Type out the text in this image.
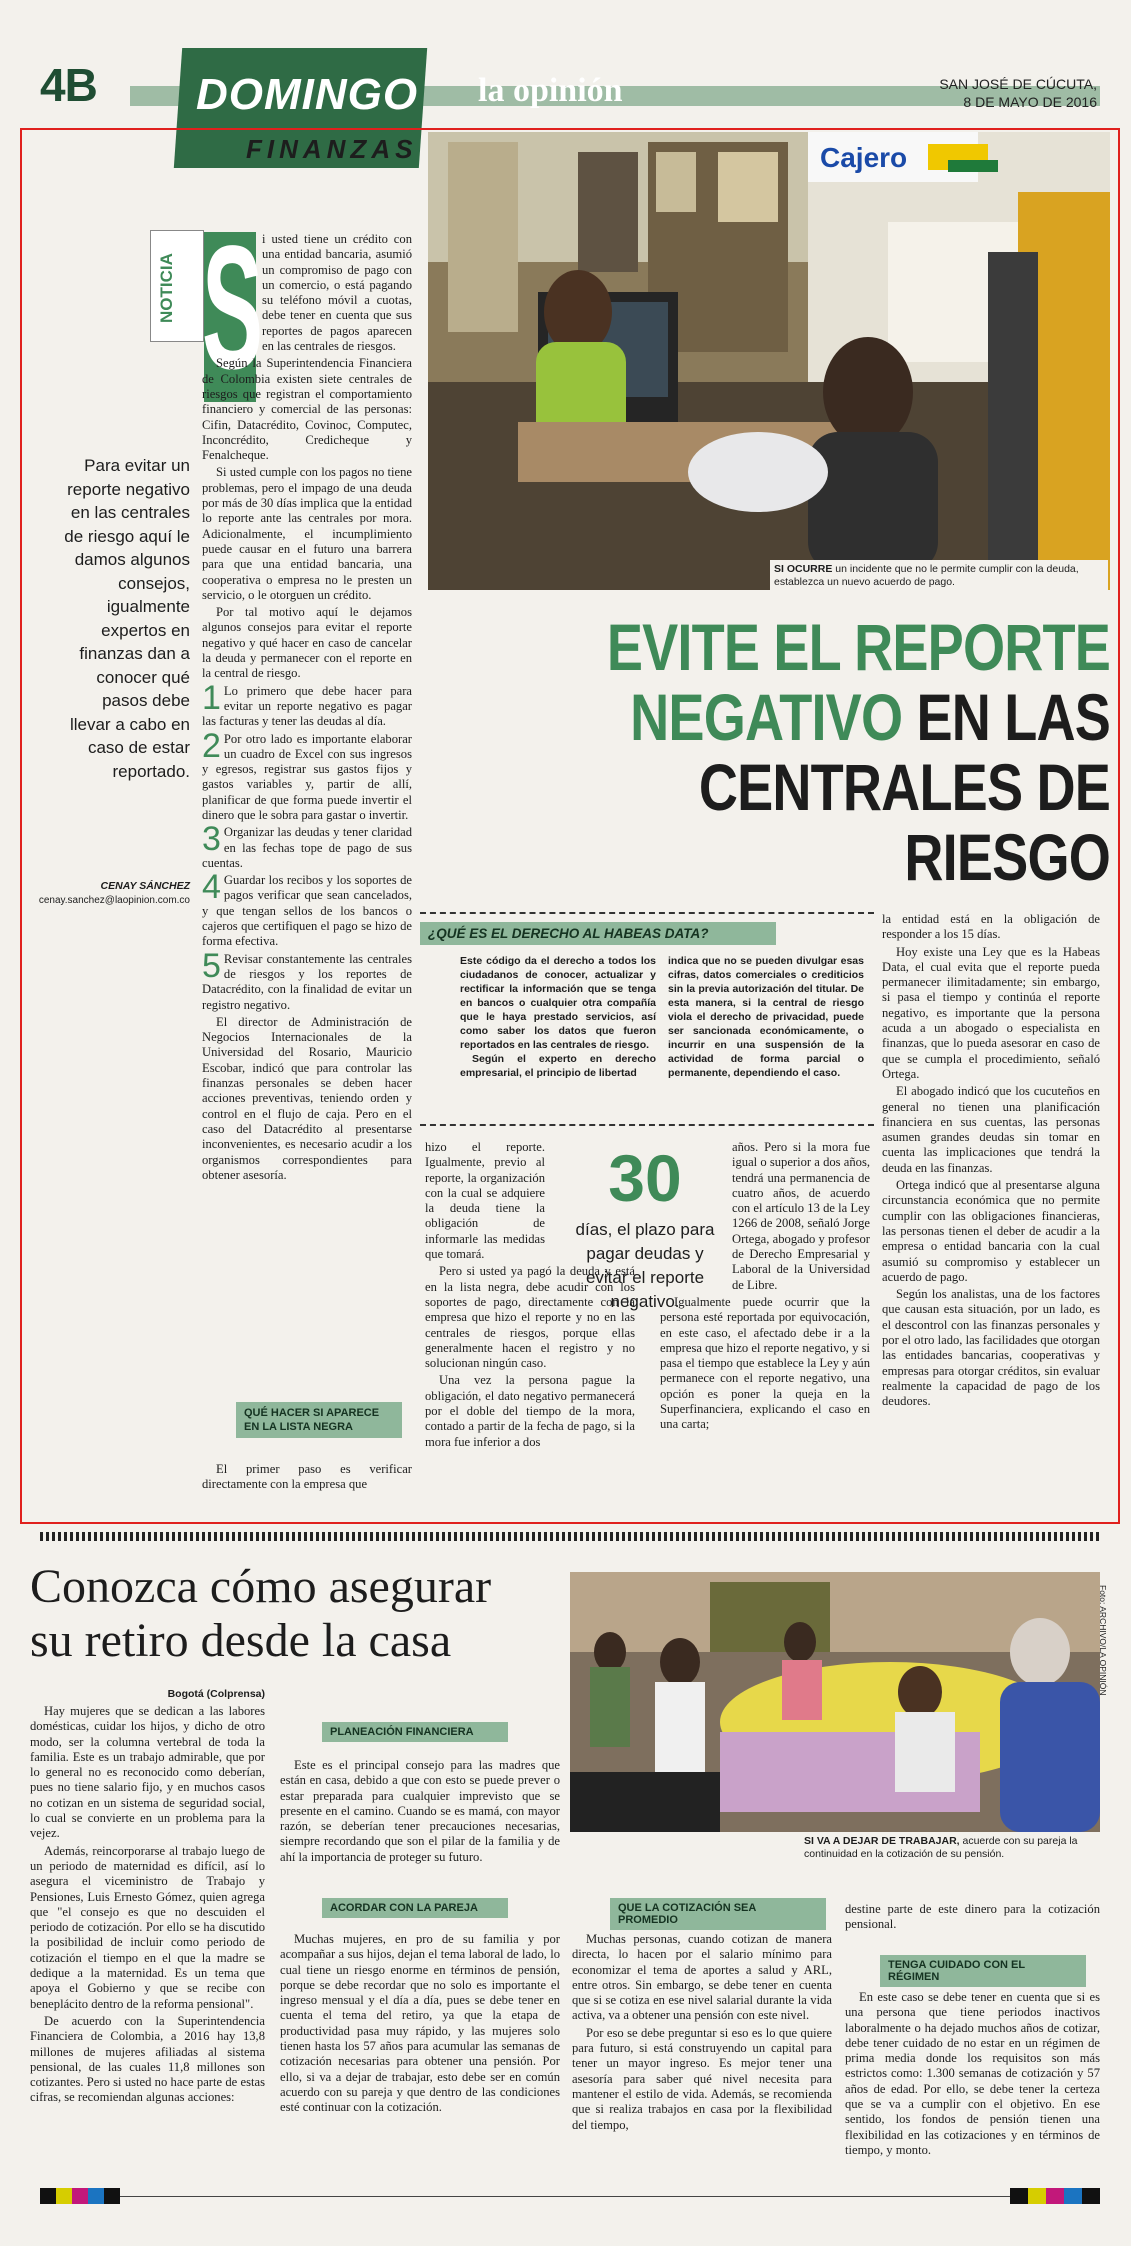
4B DOMINGO
FINANZAS
la opinión	SAN JOSÉ DE CÚCUTA,
8 DE MAYO DE 2016
NOTICIA S
Para evitar un reporte negativo en las centrales de riesgo aquí le damos algunos consejos, igualmente expertos en finanzas dan a conocer qué pasos debe llevar a cabo en caso de estar reportado.
CENAY SÁNCHEZ
cenay.sanchez@laopinion.com.co

i usted tiene un crédito con una entidad bancaria, asumió un compromiso de pago con un comercio, o está pagando su teléfono móvil a cuotas, debe tener en cuenta que sus reportes de pagos aparecen en las centrales de riesgos.

Según la Superintendencia Financiera de Colombia existen siete centrales de riesgos que registran el comportamiento financiero y comercial de las personas: Cifin, Datacrédito, Covinoc, Computec, Inconcrédito, Credicheque y Fenalcheque.

Si usted cumple con los pagos no tiene problemas, pero el impago de una deuda por más de 30 días implica que la entidad lo reporte ante las centrales por mora. Adicionalmente, el incumplimiento puede causar en el futuro una barrera para que una entidad bancaria, una cooperativa o empresa no le presten un servicio, o le otorguen un crédito.

Por tal motivo aquí le dejamos algunos consejos para evitar el reporte negativo y qué hacer en caso de cancelar la deuda y permanecer con el reporte en la central de riesgo.

1 Lo primero que debe hacer para evitar un reporte negativo es pagar las facturas y tener las deudas al día.

2 Por otro lado es importante elaborar un cuadro de Excel con sus ingresos y egresos, registrar sus gastos fijos y gastos variables y, partir de allí, planificar de que forma puede invertir el dinero que le sobra para gastar o invertir.

3 Organizar las deudas y tener claridad en las fechas tope de pago de sus cuentas.

4 Guardar los recibos y los soportes de pagos verificar que sean cancelados, y que tengan sellos de los bancos o cajeros que certifiquen el pago se hizo de forma efectiva.

5 Revisar constantemente las centrales de riesgos y los reportes de Datacrédito, con la finalidad de evitar un registro negativo.

El director de Administración de Negocios Internacionales de la Universidad del Rosario, Mauricio Escobar, indicó que para controlar las finanzas personales se deben hacer acciones preventivas, teniendo orden y control en el flujo de caja. Pero en el caso del Datacrédito al presentarse inconvenientes, es necesario acudir a los organismos correspondientes para obtener asesoría.

QUÉ HACER SI APARECE EN LA LISTA NEGRA

El primer paso es verificar directamente con la empresa que

Cajero
SI OCURRE un incidente que no le permite cumplir con la deuda, establezca un nuevo acuerdo de pago.
EVITE EL REPORTE
NEGATIVO EN LAS
CENTRALES DE RIESGO
¿QUÉ ES EL DERECHO AL HABEAS DATA?
Este código da el derecho a todos los ciudadanos de conocer, actualizar y rectificar la información que se tenga en bancos o cualquier otra compañía que le haya prestado servicios, así como saber los datos que fueron reportados en las centrales de riesgo.
Según el experto en derecho empresarial, el principio de libertad
indica que no se pueden divulgar esas cifras, datos comerciales o crediticios sin la previa autorización del titular. De esta manera, si la central de riesgo viola el derecho de privacidad, puede ser sancionada económicamente, o incurrir en una suspensión de la actividad de forma parcial o permanente, dependiendo el caso.

hizo el reporte. Igualmente, previo al reporte, la organización con la cual se adquiere la deuda tiene la obligación de informarle las medidas que tomará.

Pero si usted ya pagó la deuda y está en la lista negra, debe acudir con los soportes de pago, directamente con la empresa que hizo el reporte y no en las centrales de riesgos, porque ellas generalmente hacen el registro y no solucionan ningún caso.

Una vez la persona pague la obligación, el dato negativo permanecerá por el doble del tiempo de la mora, contado a partir de la fecha de pago, si la mora fue inferior a dos

30
días, el plazo para pagar deudas y evitar el reporte negativo.

años. Pero si la mora fue igual o superior a dos años, tendrá una permanencia de cuatro años, de acuerdo con el artículo 13 de la Ley 1266 de 2008, señaló Jorge Ortega, abogado y profesor de Derecho Empresarial y Laboral de la Universidad de Libre.

Igualmente puede ocurrir que la persona esté reportada por equivocación, en este caso, el afectado debe ir a la empresa que hizo el reporte negativo, y si pasa el tiempo que establece la Ley y aún permanece con el reporte negativo, una opción es poner la queja en la Superfinanciera, explicando el caso en una carta;

la entidad está en la obligación de responder a los 15 días.

Hoy existe una Ley que es la Habeas Data, el cual evita que el reporte pueda permanecer ilimitadamente; sin embargo, si pasa el tiempo y continúa el reporte negativo, es importante que la persona acuda a un abogado o especialista en finanzas, que lo pueda asesorar en caso de que se cumpla el procedimiento, señaló Ortega.

El abogado indicó que los cucuteños en general no tienen una planificación financiera en sus cuentas, las personas asumen grandes deudas sin tomar en cuenta las implicaciones que tendrá la deuda en las finanzas.

Ortega indicó que al presentarse alguna circunstancia económica que no permite cumplir con las obligaciones financieras, las personas tienen el deber de acudir a la empresa o entidad bancaria con la cual asumió su compromiso y establecer un acuerdo de pago.

Según los analistas, una de los factores que causan esta situación, por un lado, es el descontrol con las finanzas personales y por el otro lado, las facilidades que otorgan las entidades bancarias, cooperativas y empresas para otorgar créditos, sin evaluar realmente la capacidad de pago de los deudores.

Conozca cómo asegurar
su retiro desde la casa	Foto: ARCHIVO/LA OPINIÓN
SI VA A DEJAR DE TRABAJAR, acuerde con su pareja la continuidad en la cotización de su pensión.
Bogotá (Colprensa)

Hay mujeres que se dedican a las labores domésticas, cuidar los hijos, y dicho de otro modo, ser la columna vertebral de toda la familia. Este es un trabajo admirable, que por lo general no es reconocido como deberían, pues no tiene salario fijo, y en muchos casos no cotizan en un sistema de seguridad social, lo cual se convierte en un problema para la vejez.

Además, reincorporarse al trabajo luego de un periodo de maternidad es difícil, así lo asegura el viceministro de Trabajo y Pensiones, Luis Ernesto Gómez, quien agrega que "el consejo es que no descuiden el periodo de cotización. Por ello se ha discutido la posibilidad de incluir como periodo de cotización el tiempo en el que la madre se dedique a la maternidad. Es un tema que apoya el Gobierno y que se recibe con beneplácito dentro de la reforma pensional".

De acuerdo con la Superintendencia Financiera de Colombia, a 2016 hay 13,8 millones de mujeres afiliadas al sistema pensional, de las cuales 11,8 millones son cotizantes. Pero si usted no hace parte de estas cifras, se recomiendan algunas acciones:

PLANEACIÓN FINANCIERA

Este es el principal consejo para las madres que están en casa, debido a que con esto se puede prever o estar preparada para cualquier imprevisto que se presente en el camino. Cuando se es mamá, con mayor razón, se deberían tener precauciones necesarias, siempre recordando que son el pilar de la familia y de ahí la importancia de proteger su futuro.

ACORDAR CON LA PAREJA

Muchas mujeres, en pro de su familia y por acompañar a sus hijos, dejan el tema laboral de lado, lo cual tiene un riesgo enorme en términos de pensión, porque se debe recordar que no solo es importante el ingreso mensual y el día a día, pues se debe tener en cuenta el tema del retiro, ya que la etapa de productividad pasa muy rápido, y las mujeres solo tienen hasta los 57 años para acumular las semanas de cotización necesarias para obtener una pensión. Por ello, si va a dejar de trabajar, esto debe ser en común acuerdo con su pareja y que dentro de las condiciones esté continuar con la cotización.

QUE LA COTIZACIÓN SEA PROMEDIO

Muchas personas, cuando cotizan de manera directa, lo hacen por el salario mínimo para economizar el tema de aportes a salud y ARL, entre otros. Sin embargo, se debe tener en cuenta que si se cotiza en ese nivel salarial durante la vida activa, va a obtener una pensión con este nivel.

Por eso se debe preguntar si eso es lo que quiere para futuro, si está construyendo un capital para tener un mayor ingreso. Es mejor tener una asesoría para saber qué nivel necesita para mantener el estilo de vida. Además, se recomienda que si realiza trabajos en casa por la flexibilidad del tiempo,

destine parte de este dinero para la cotización pensional.

TENGA CUIDADO CON EL RÉGIMEN

En este caso se debe tener en cuenta que si es una persona que tiene periodos inactivos laboralmente o ha dejado muchos años de cotizar, debe tener cuidado de no estar en un régimen de prima media donde los requisitos son más estrictos como: 1.300 semanas de cotización y 57 años de edad. Por ello, se debe tener la certeza que se va a cumplir con el objetivo. En ese sentido, los fondos de pensión tienen una flexibilidad en las cotizaciones y en términos de tiempo, y monto.
